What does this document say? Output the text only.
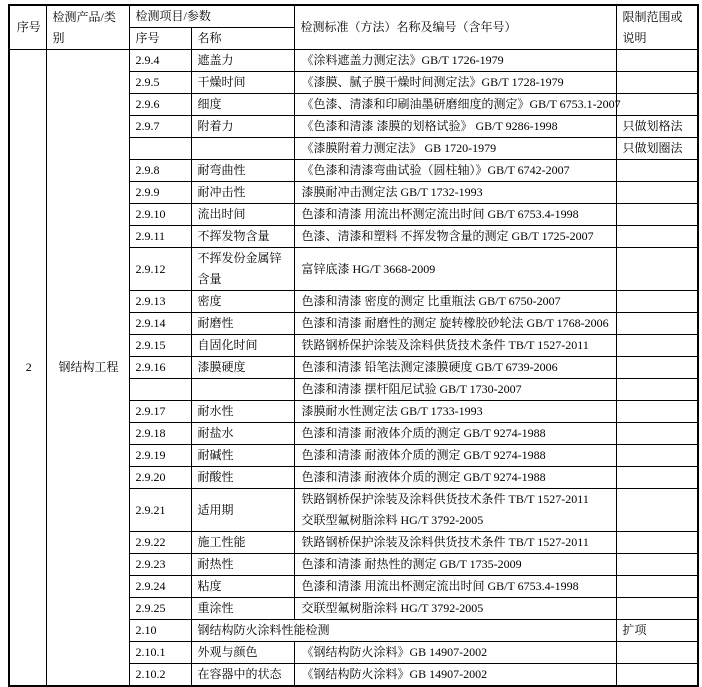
序号	检测产品/类别	检测项目/参数		检测标准（方法）名称及编号（含年号）	限制范围或说明
		序号	名称		
2	钢结构工程	2.9.4	遮盖力	《涂料遮盖力测定法》GB/T 1726-1979	

		2.9.5	干燥时间	《漆膜、腻子膜干燥时间测定法》GB/T 1728-1979	

		2.9.6	细度	《色漆、清漆和印刷油墨研磨细度的测定》GB/T 6753.1-2007	

		2.9.7	附着力	《色漆和清漆 漆膜的划格试验》 GB/T 9286-1998	只做划格法

				《漆膜附着力测定法》 GB 1720-1979	只做划圈法
		2.9.8	耐弯曲性	《色漆和清漆弯曲试验（圆柱轴）》GB/T 6742-2007	

		2.9.9	耐冲击性	漆膜耐冲击测定法 GB/T 1732-1993	

		2.9.10	流出时间	色漆和清漆 用流出杯测定流出时间 GB/T 6753.4-1998	

		2.9.11	不挥发物含量	色漆、清漆和塑料 不挥发物含量的测定 GB/T 1725-2007	

		2.9.12	不挥发份金属锌含量	富锌底漆 HG/T 3668-2009	

		2.9.13	密度	色漆和清漆 密度的测定 比重瓶法 GB/T 6750-2007	

		2.9.14	耐磨性	色漆和清漆 耐磨性的测定 旋转橡胶砂轮法 GB/T 1768-2006	

		2.9.15	自固化时间	铁路钢桥保护涂装及涂料供货技术条件 TB/T 1527-2011	

		2.9.16	漆膜硬度	色漆和清漆 铅笔法测定漆膜硬度 GB/T 6739-2006	

				色漆和清漆 摆杆阻尼试验 GB/T 1730-2007	

		2.9.17	耐水性	漆膜耐水性测定法 GB/T 1733-1993	

		2.9.18	耐盐水	色漆和清漆 耐液体介质的测定 GB/T 9274-1988	

		2.9.19	耐碱性	色漆和清漆 耐液体介质的测定 GB/T 9274-1988	

		2.9.20	耐酸性	色漆和清漆 耐液体介质的测定 GB/T 9274-1988	

		2.9.21	适用期	铁路钢桥保护涂装及涂料供货技术条件 TB/T 1527-2011
交联型氟树脂涂料 HG/T 3792-2005	

		2.9.22	施工性能	铁路钢桥保护涂装及涂料供货技术条件 TB/T 1527-2011	

		2.9.23	耐热性	色漆和清漆 耐热性的测定 GB/T 1735-2009	

		2.9.24	粘度	色漆和清漆 用流出杯测定流出时间 GB/T 6753.4-1998	

		2.9.25	重涂性	交联型氟树脂涂料 HG/T 3792-2005	

		2.10	钢结构防火涂料性能检测		扩项
		2.10.1	外观与颜色	《钢结构防火涂料》GB 14907-2002	

		2.10.2	在容器中的状态	《钢结构防火涂料》GB 14907-2002	
